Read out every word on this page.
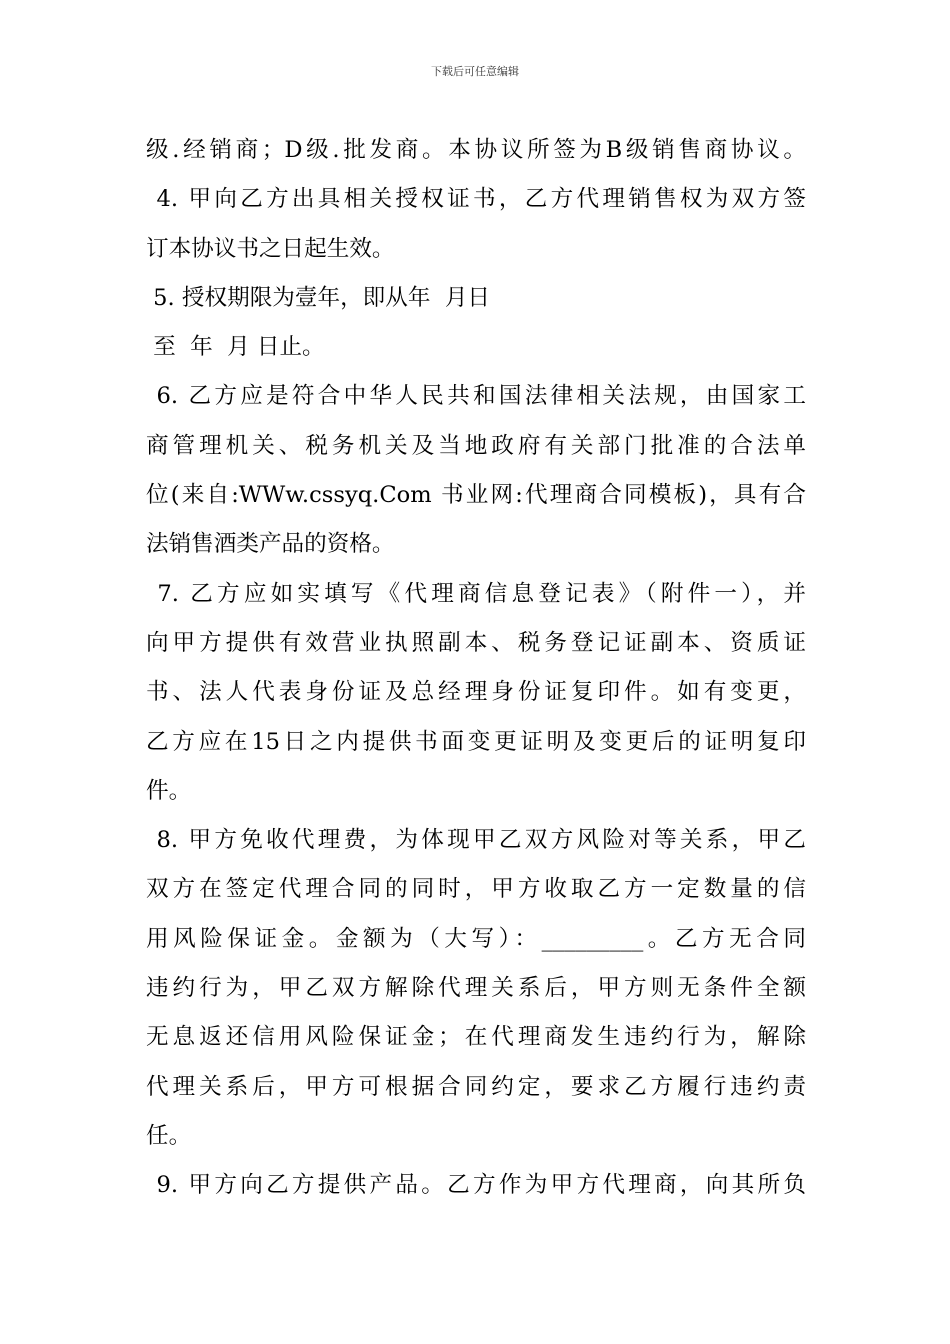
下载后可任意编辑
级.经销商；D级.批发商。本协议所签为B级销售商协议。
4. 甲向乙方出具相关授权证书，乙方代理销售权为双方签
订本协议书之日起生效。
5. 授权期限为壹年，即从年  月日
至  年  月 日止。
6. 乙方应是符合中华人民共和国法律相关法规，由国家工
商管理机关、税务机关及当地政府有关部门批准的合法单
位(来自:WWw.cssyq.Com 书业网:代理商合同模板)，具有合
法销售酒类产品的资格。
7. 乙方应如实填写《代理商信息登记表》（附件一），并
向甲方提供有效营业执照副本、税务登记证副本、资质证
书、法人代表身份证及总经理身份证复印件。如有变更，
乙方应在15日之内提供书面变更证明及变更后的证明复印
件。
8. 甲方免收代理费，为体现甲乙双方风险对等关系，甲乙
双方在签定代理合同的同时，甲方收取乙方一定数量的信
用风险保证金。金额为（大写）：_________。乙方无合同
违约行为，甲乙双方解除代理关系后，甲方则无条件全额
无息返还信用风险保证金；在代理商发生违约行为，解除
代理关系后，甲方可根据合同约定，要求乙方履行违约责
任。
9. 甲方向乙方提供产品。乙方作为甲方代理商，向其所负
